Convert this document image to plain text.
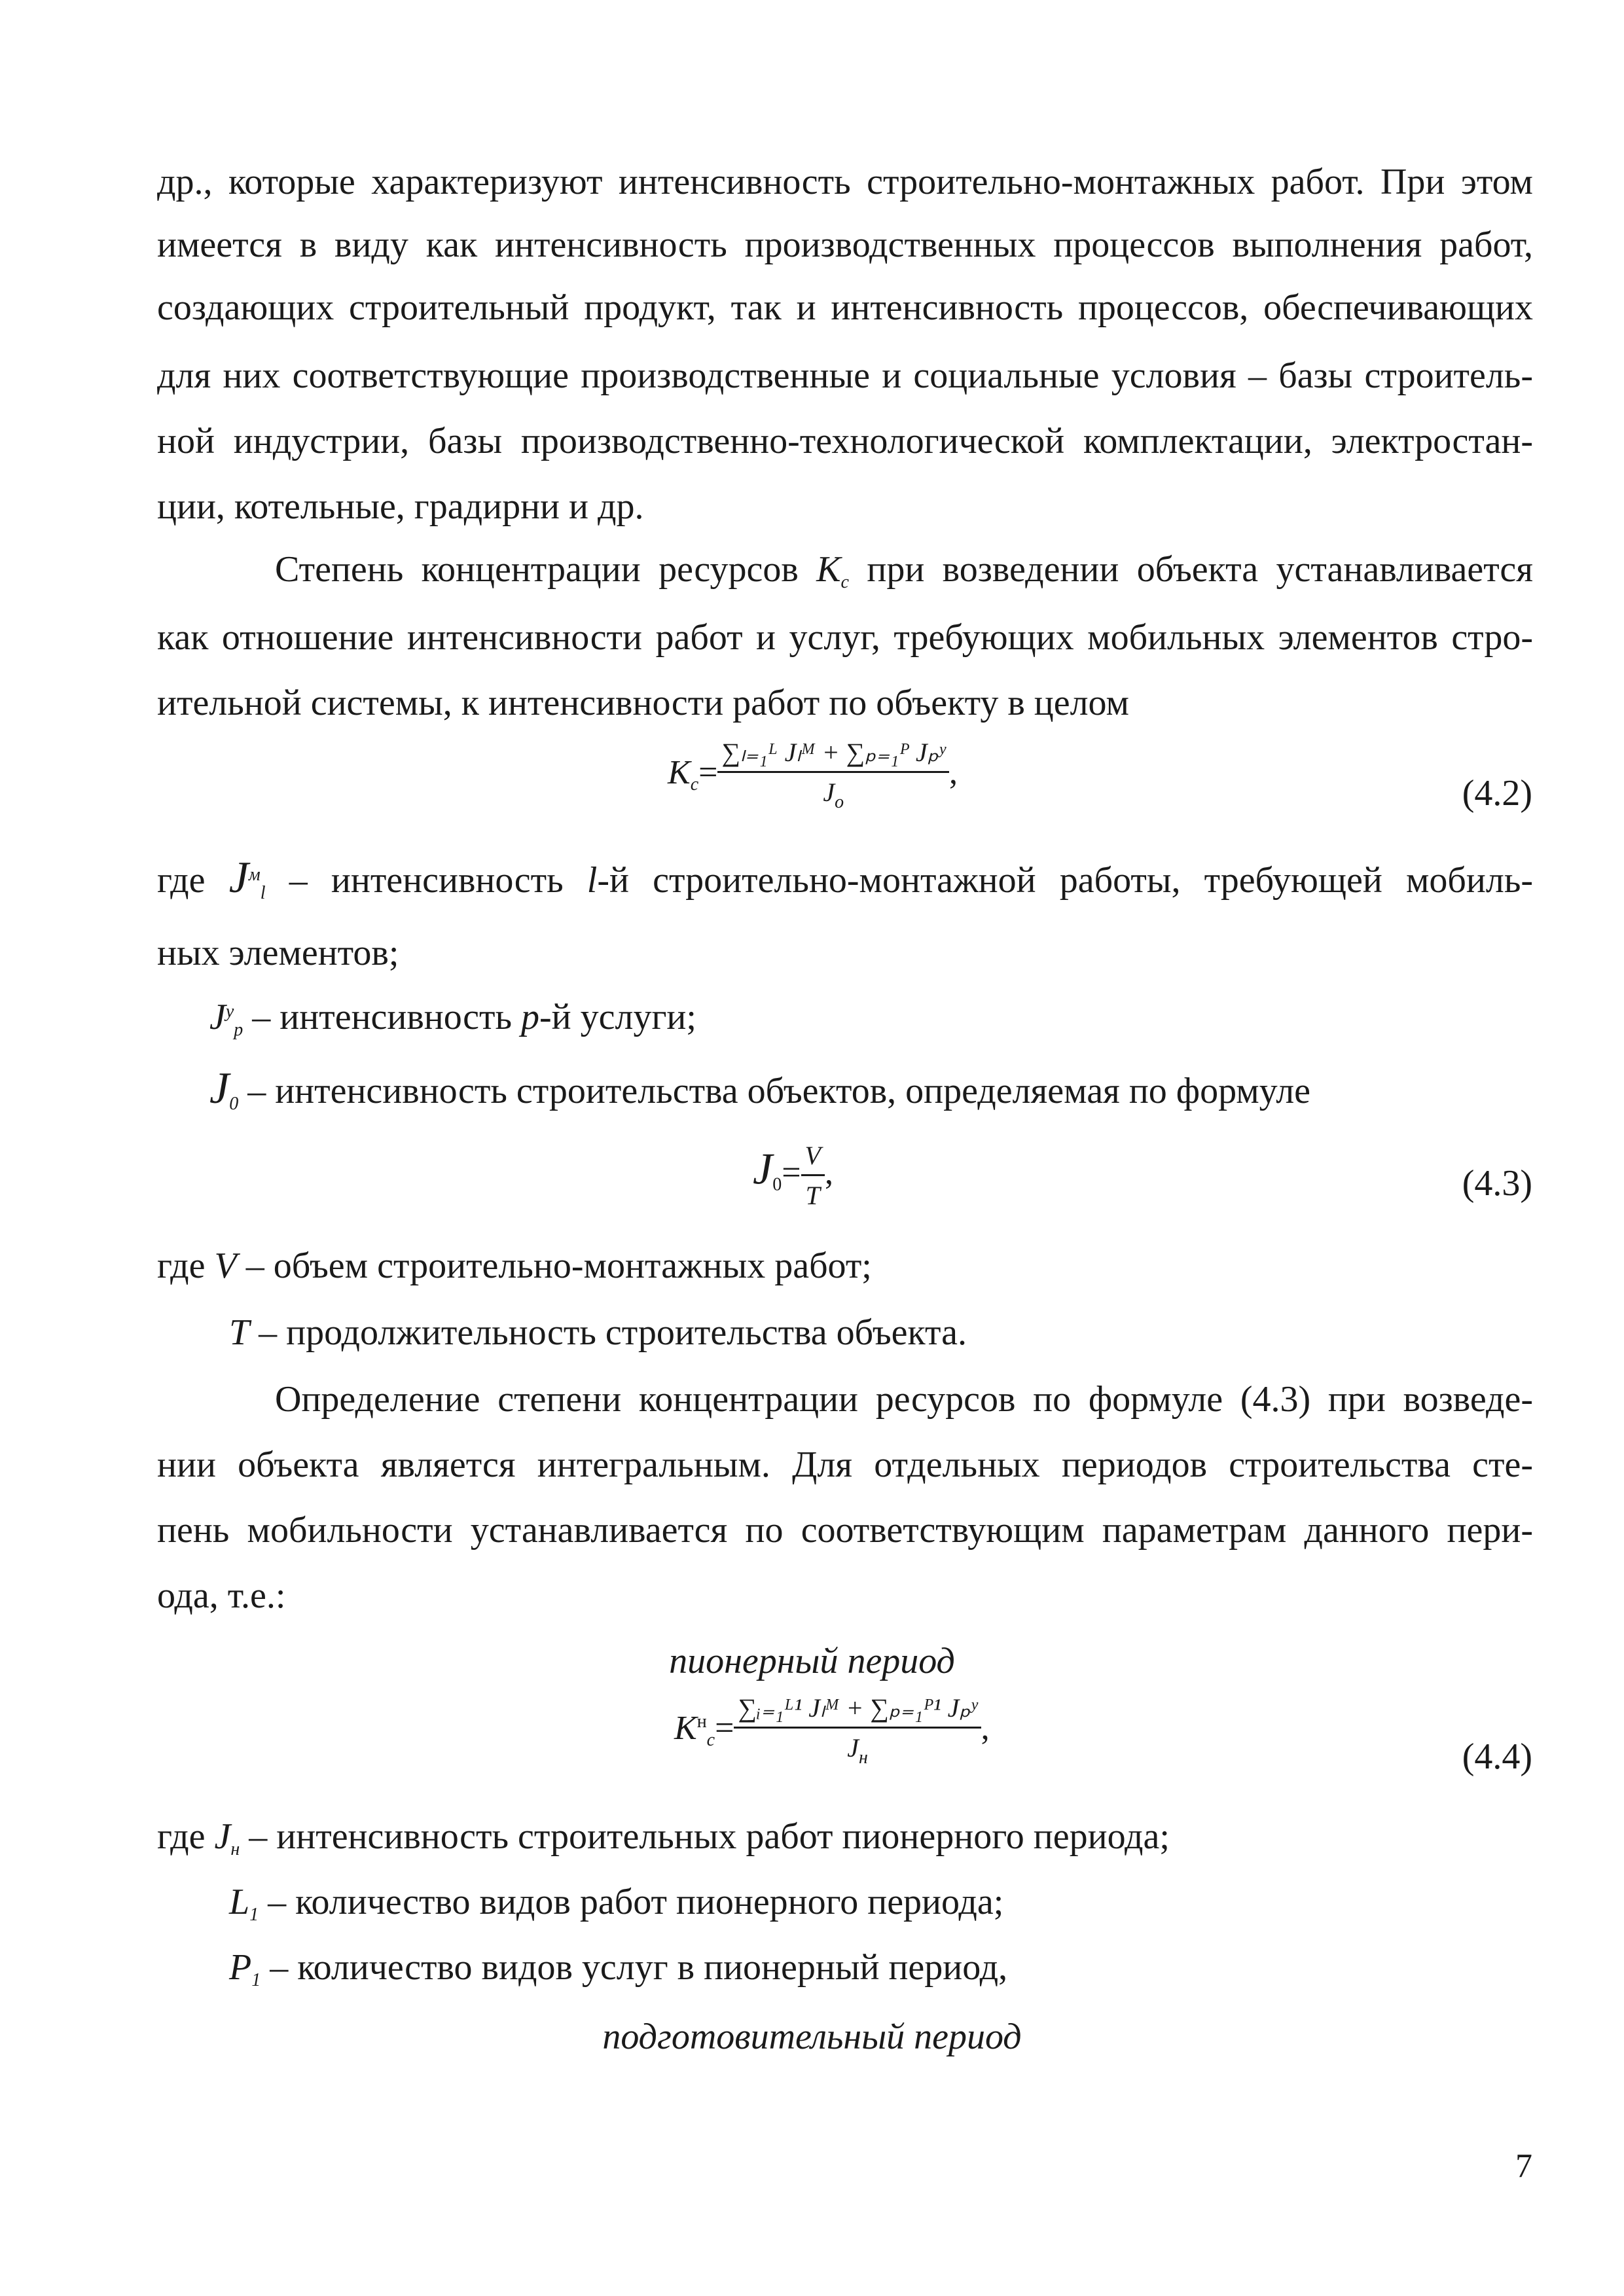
др., которые характеризуют интенсивность строительно-монтажных работ. При этом
имеется в виду как интенсивность производственных процессов выполнения работ,
создающих строительный продукт, так и интенсивность процессов, обеспечивающих
для них соответствующие производственные и социальные условия – базы строитель-
ной индустрии, базы производственно-технологической комплектации, электростан-
ции, котельные, градирни и др.
Степень концентрации ресурсов Kc при возведении объекта устанавливается
как отношение интенсивности работ и услуг, требующих мобильных элементов стро-
ительной системы, к интенсивности работ по объекту в целом
$Kc= \frac{\text{∑ₗ₌₁ᴸ Jₗᴹ + ∑ₚ₌₁ᴾ Jₚʸ}}{J_o}$ ,
(4.2)
где $J^мl$ – интенсивность l-й строительно-монтажной работы, требующей мобиль-
ных элементов;
$J^уp$ – интенсивность p-й услуги;
J0 – интенсивность строительства объектов, определяемая по формуле
$J0= \frac{V}{T}$ ,	(4.3)
где V – объем строительно-монтажных работ;
T – продолжительность строительства объекта.
Определение степени концентрации ресурсов по формуле (4.3) при возведе-
нии объекта является интегральным. Для отдельных периодов строительства сте-
пень мобильности устанавливается по соответствующим параметрам данного пери-
ода, т.е.:
пионерный период
$K^нc= \frac{\text{∑ᵢ₌₁ᴸ¹ Jₗᴹ + ∑ₚ₌₁ᴾ¹ Jₚʸ}}{J_н}$ ,
(4.4)
где Jн – интенсивность строительных работ пионерного периода;
L1 – количество видов работ пионерного периода;
P1 – количество видов услуг в пионерный период,
подготовительный период
7
